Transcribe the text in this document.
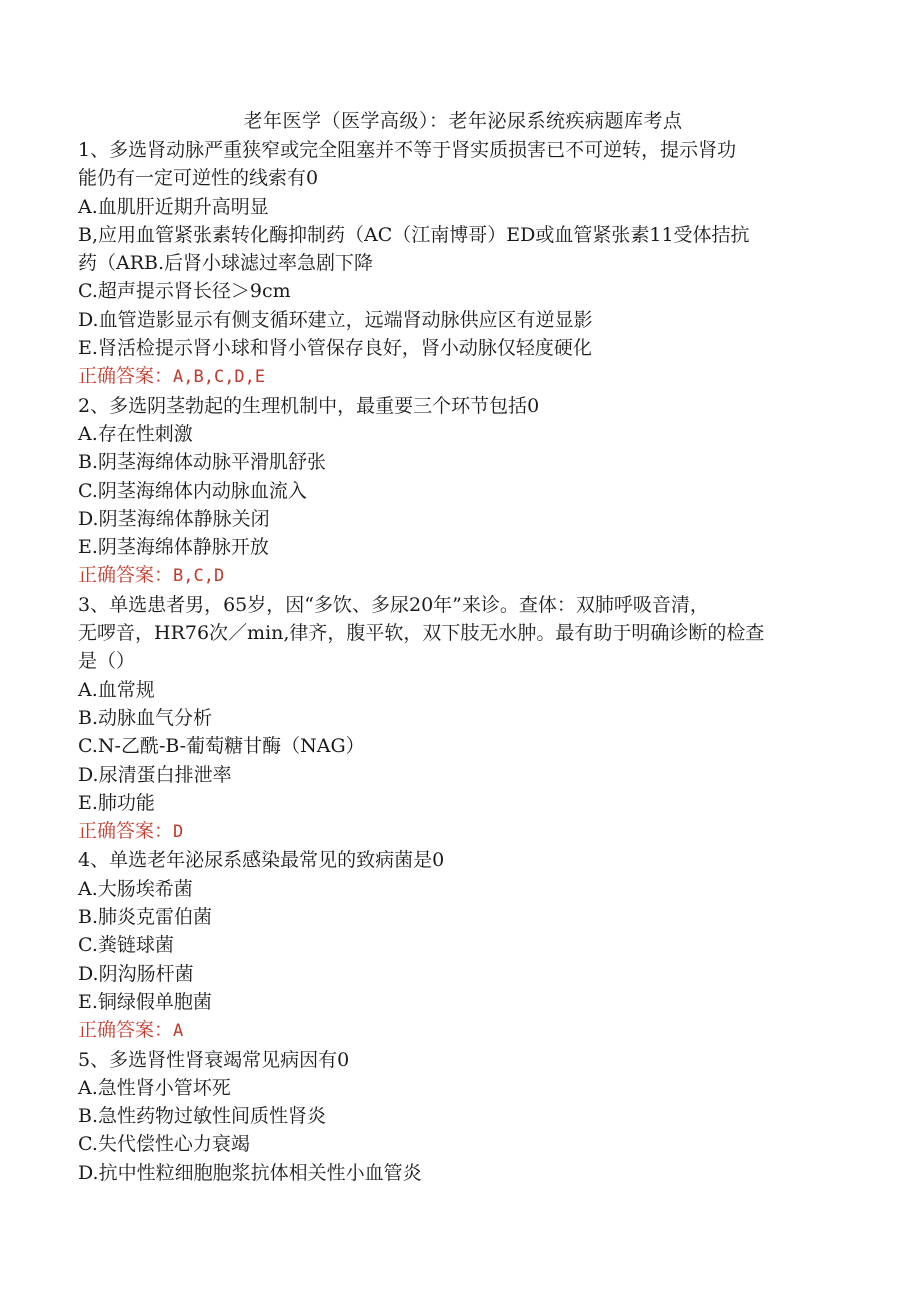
老年医学（医学高级）：老年泌尿系统疾病题库考点

1、多选肾动脉严重狭窄或完全阻塞并不等于肾实质损害已不可逆转，提示肾功

能仍有一定可逆性的线索有0

A.血肌肝近期升高明显

B,应用血管紧张素转化酶抑制药（AC（江南博哥）ED或血管紧张素11受体拮抗

药（ARB.后肾小球滤过率急剧下降

C.超声提示肾长径＞9cm

D.血管造影显示有侧支循环建立，远端肾动脉供应区有逆显影

E.肾活检提示肾小球和肾小管保存良好，肾小动脉仅轻度硬化

正确答案：A,B,C,D,E

2、多选阴茎勃起的生理机制中，最重要三个环节包括0

A.存在性刺激

B.阴茎海绵体动脉平滑肌舒张

C.阴茎海绵体内动脉血流入

D.阴茎海绵体静脉关闭

E.阴茎海绵体静脉开放

正确答案：B,C,D

3、单选患者男，65岁，因“多饮、多尿20年”来诊。查体：双肺呼吸音清，

无啰音，HR76次／min,律齐，腹平软，双下肢无水肿。最有助于明确诊断的检查

是（）

A.血常规

B.动脉血气分析

C.N-乙酰-B-葡萄糖甘酶（NAG）

D.尿清蛋白排泄率

E.肺功能

正确答案：D

4、单选老年泌尿系感染最常见的致病菌是0

A.大肠埃希菌

B.肺炎克雷伯菌

C.粪链球菌

D.阴沟肠杆菌

E.铜绿假单胞菌

正确答案：A

5、多选肾性肾衰竭常见病因有0

A.急性肾小管坏死

B.急性药物过敏性间质性肾炎

C.失代偿性心力衰竭

D.抗中性粒细胞胞浆抗体相关性小血管炎
